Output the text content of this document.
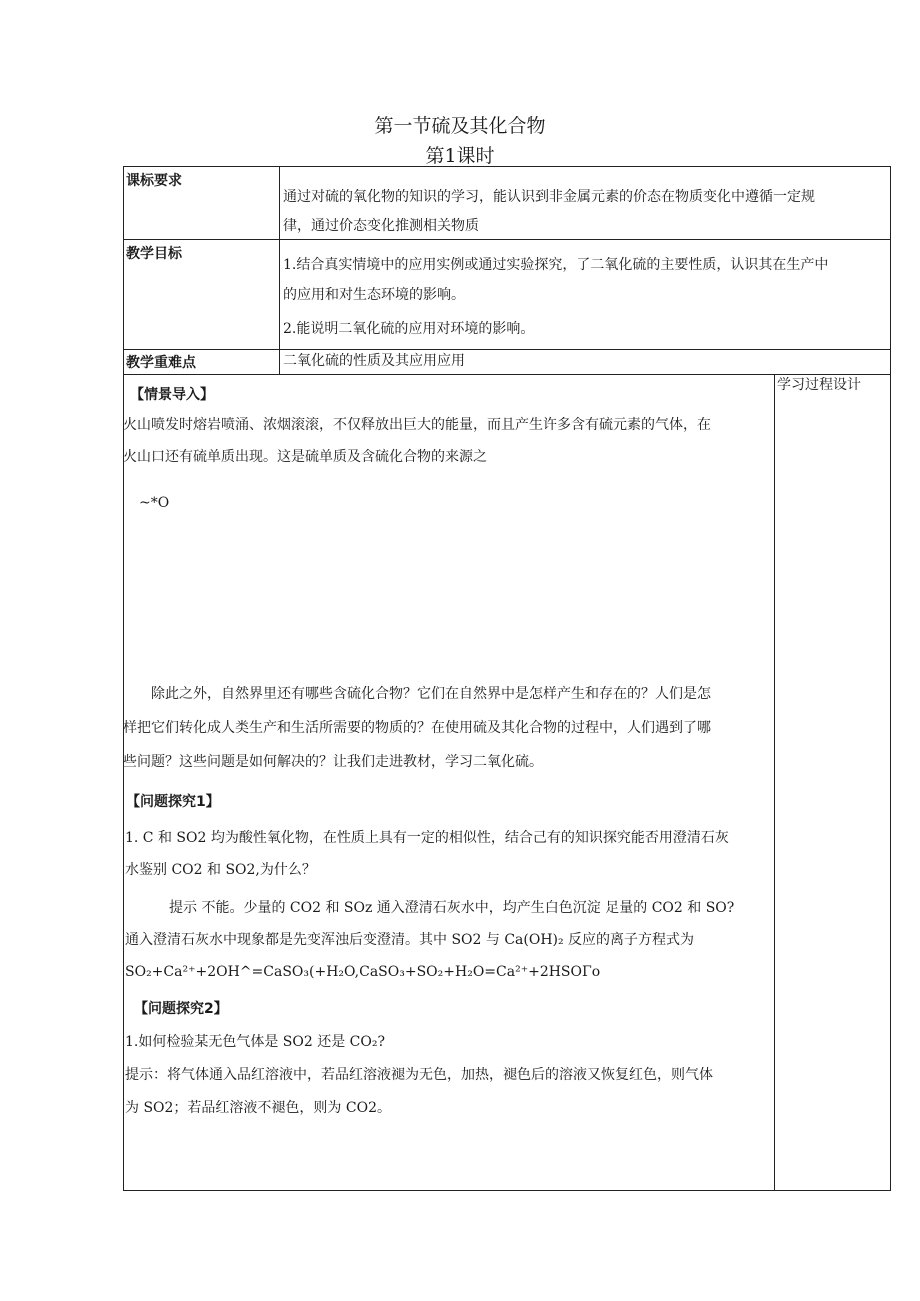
第一节硫及其化合物
第1课时
课标要求
教学目标
教学重难点

通过对硫的氧化物的知识的学习，能认识到非金属元素的价态在物质变化中遵循一定规

律，通过价态变化推测相关物质

1.结合真实情境中的应用实例或通过实验探究，了二氧化硫的主要性质，认识其在生产中

的应用和对生态环境的影响。

2.能说明二氧化硫的应用对环境的影响。

二氧化硫的性质及其应用应用
学习过程设计
【情景导入】

火山喷发时熔岩喷涌、浓烟滚滚，不仅释放出巨大的能量，而且产生许多含有硫元素的气体，在

火山口还有硫单质出现。这是硫单质及含硫化合物的来源之

~*O

除此之外，自然界里还有哪些含硫化合物？它们在自然界中是怎样产生和存在的？人们是怎

样把它们转化成人类生产和生活所需要的物质的？在使用硫及其化合物的过程中，人们遇到了哪

些问题？这些问题是如何解决的？让我们走进教材，学习二氧化硫。

【问题探究1】

1. C 和 SO2 均为酸性氧化物，在性质上具有一定的相似性，结合己有的知识探究能否用澄清石灰

水鉴别 CO2 和 SO2,为什么？

提示 不能。少量的 CO2 和 SOz 通入澄清石灰水中，均产生白色沉淀 足量的 CO2 和 SO?

通入澄清石灰水中现象都是先变浑浊后变澄清。其中 SO2 与 Ca(OH)₂ 反应的离子方程式为

SO₂+Ca²⁺+2OH^=CaSO₃(+H₂O,CaSO₃+SO₂+H₂O=Ca²⁺+2HSOΓo
【问题探究2】

1.如何检验某无色气体是 SO2 还是 CO₂?

提示：将气体通入品红溶液中，若品红溶液褪为无色，加热，褪色后的溶液又恢复红色，则气体

为 SO2；若品红溶液不褪色，则为 CO2。
